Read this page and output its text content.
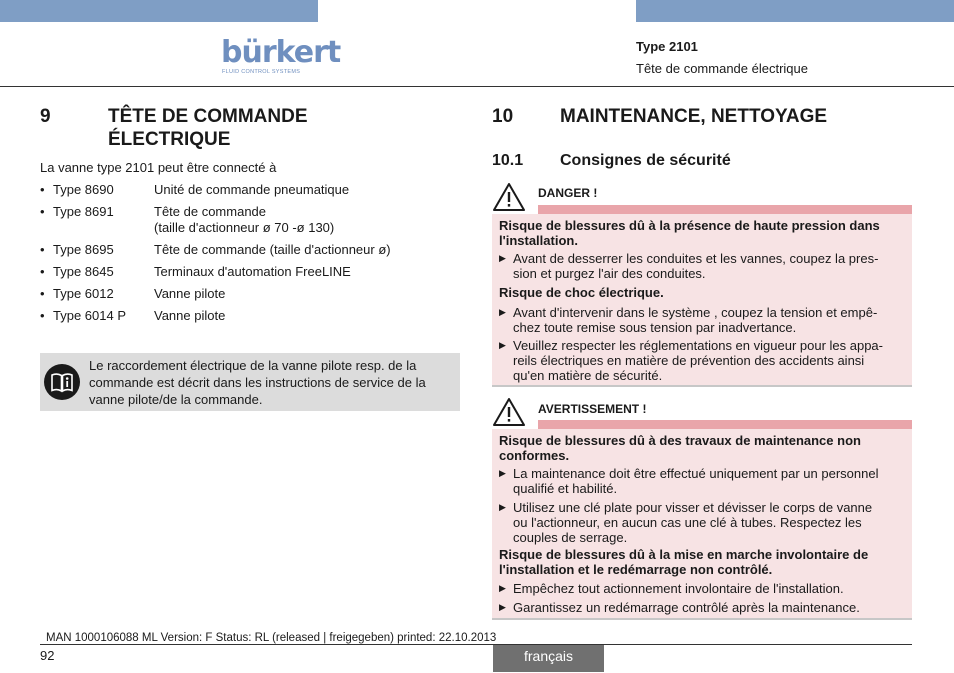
bürkert
FLUID CONTROL SYSTEMS
Type 2101
Tête de commande électrique
9	TÊTE DE COMMANDE
ÉLECTRIQUE
La vanne type 2101 peut être connecté à
• Type 8690	Unité de commande pneumatique
• Type 8691	Tête de commande
(taille d'actionneur ø 70 -ø 130)
• Type 8695	Tête de commande (taille d'actionneur ø)
• Type 8645	Terminaux d'automation FreeLINE
• Type 6012	Vanne pilote
• Type 6014 P Vanne pilote
Le raccordement électrique de la vanne pilote resp. de la
commande est décrit dans les instructions de service de la
vanne pilote/de la commande.
10 MAINTENANCE, NETTOYAGE
10.1 Consignes de sécurité
DANGER !
Risque de blessures dû à la présence de haute pression dans
l'installation.
▶ Avant de desserrer les conduites et les vannes, coupez la pres-
sion et purgez l'air des conduites.
Risque de choc électrique.
▶ Avant d'intervenir dans le système , coupez la tension et empê-
chez toute remise sous tension par inadvertance.
▶ Veuillez respecter les réglementations en vigueur pour les appa-
reils électriques en matière de prévention des accidents ainsi
qu'en matière de sécurité.
AVERTISSEMENT !
Risque de blessures dû à des travaux de maintenance non
conformes.
▶ La maintenance doit être effectué uniquement par un personnel
qualifié et habilité.
▶ Utilisez une clé plate pour visser et dévisser le corps de vanne
ou l'actionneur, en aucun cas une clé à tubes. Respectez les
couples de serrage.
Risque de blessures dû à la mise en marche involontaire de
l'installation et le redémarrage non contrôlé.
▶ Empêchez tout actionnement involontaire de l'installation.
▶ Garantissez un redémarrage contrôlé après la maintenance.
MAN 1000106088 ML Version: F Status: RL (released | freigegeben) printed: 22.10.2013
92	français
